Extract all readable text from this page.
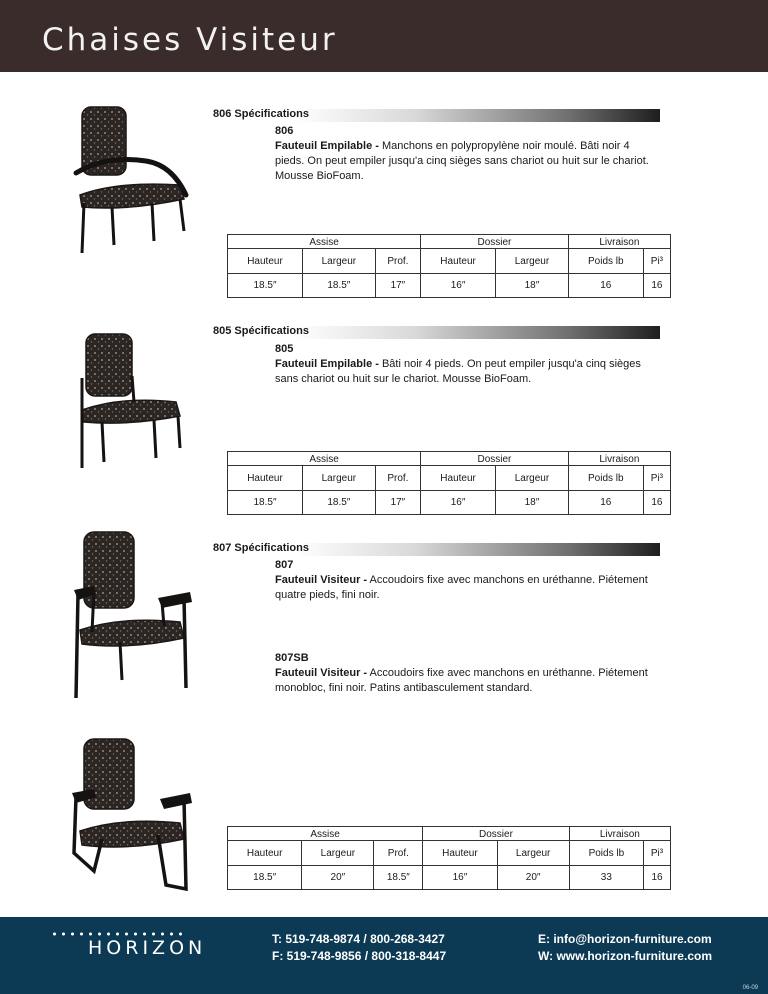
Chaises Visiteur
806 Spécifications
806
Fauteuil Empilable - Manchons en polypropylène noir moulé. Bâti noir 4 pieds. On peut empiler jusqu'a cinq sièges sans chariot ou huit sur le chariot. Mousse BioFoam.
Assise			Dossier		Livraison	
Hauteur	Largeur	Prof.	Hauteur	Largeur	Poids lb	Pi³
18.5″	18.5″	17″	16″	18″	16	16
805 Spécifications
805
Fauteuil Empilable - Bâti noir 4 pieds. On peut empiler jusqu'a cinq sièges sans chariot ou huit sur le chariot. Mousse BioFoam.
Assise			Dossier		Livraison	
Hauteur	Largeur	Prof.	Hauteur	Largeur	Poids lb	Pi³
18.5″	18.5″	17″	16″	18″	16	16
807 Spécifications
807
Fauteuil Visiteur - Accoudoirs fixe avec manchons en uréthanne. Piétement quatre pieds, fini noir.
807SB
Fauteuil Visiteur - Accoudoirs fixe avec manchons en uréthanne. Piétement monobloc, fini noir. Patins antibasculement standard.
Assise			Dossier		Livraison	
Hauteur	Largeur	Prof.	Hauteur	Largeur	Poids lb	Pi³
18.5″	20″	18.5″	16″	20″	33	16
HORIZON	T: 519-748-9874 / 800-268-3427
F: 519-748-9856 / 800-318-8447
E: info@horizon-furniture.com
W: www.horizon-furniture.com
06-09
